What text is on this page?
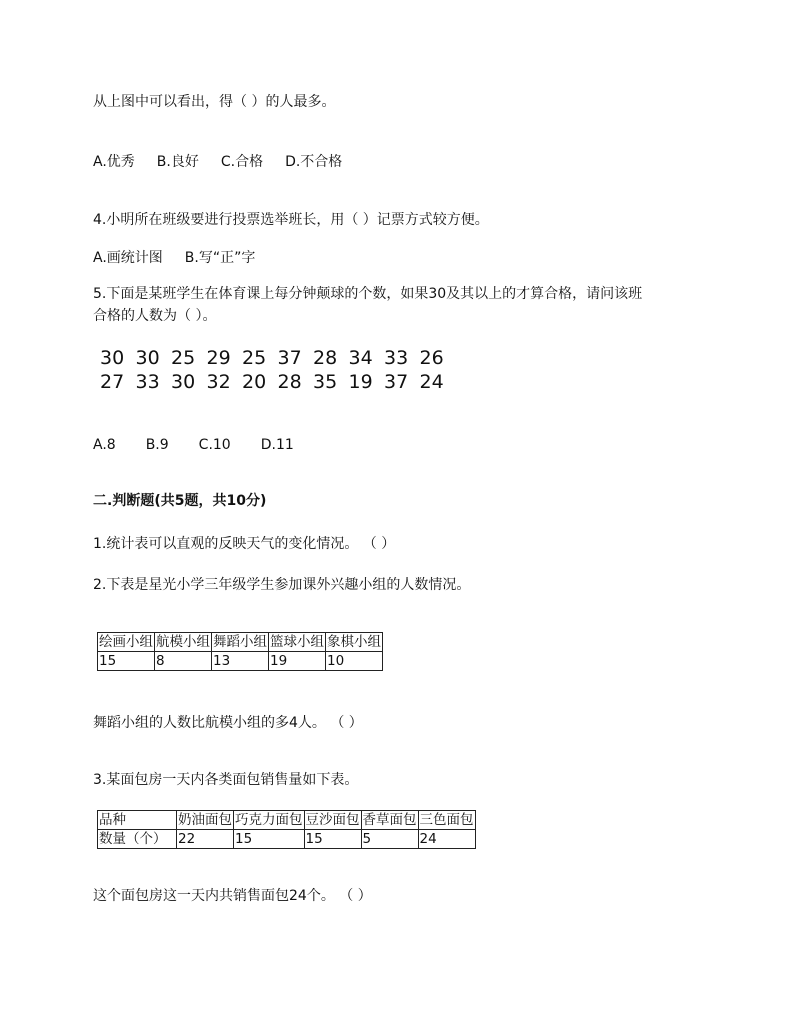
从上图中可以看出，得（ ）的人最多。
A.优秀 B.良好 C.合格 D.不合格
4.小明所在班级要进行投票选举班长，用（ ）记票方式较方便。
A.画统计图 B.写“正”字
5.下面是某班学生在体育课上每分钟颠球的个数，如果30及其以上的才算合格，请问该班
合格的人数为（ ）。
30 30 25 29 25 37 28 34 33 26
27 33 30 32 20 28 35 19 37 24
A.8 B.9 C.10 D.11
二.判断题(共5题，共10分)
1.统计表可以直观的反映天气的变化情况。 （ ）
2.下表是星光小学三年级学生参加课外兴趣小组的人数情况。
绘画小组	航模小组	舞蹈小组	篮球小组	象棋小组
15	8	13	19	10
舞蹈小组的人数比航模小组的多4人。 （ ）
3.某面包房一天内各类面包销售量如下表。
品种	奶油面包	巧克力面包	豆沙面包	香草面包	三色面包
数量（个）	22	15	15	5	24
这个面包房这一天内共销售面包24个。 （ ）
